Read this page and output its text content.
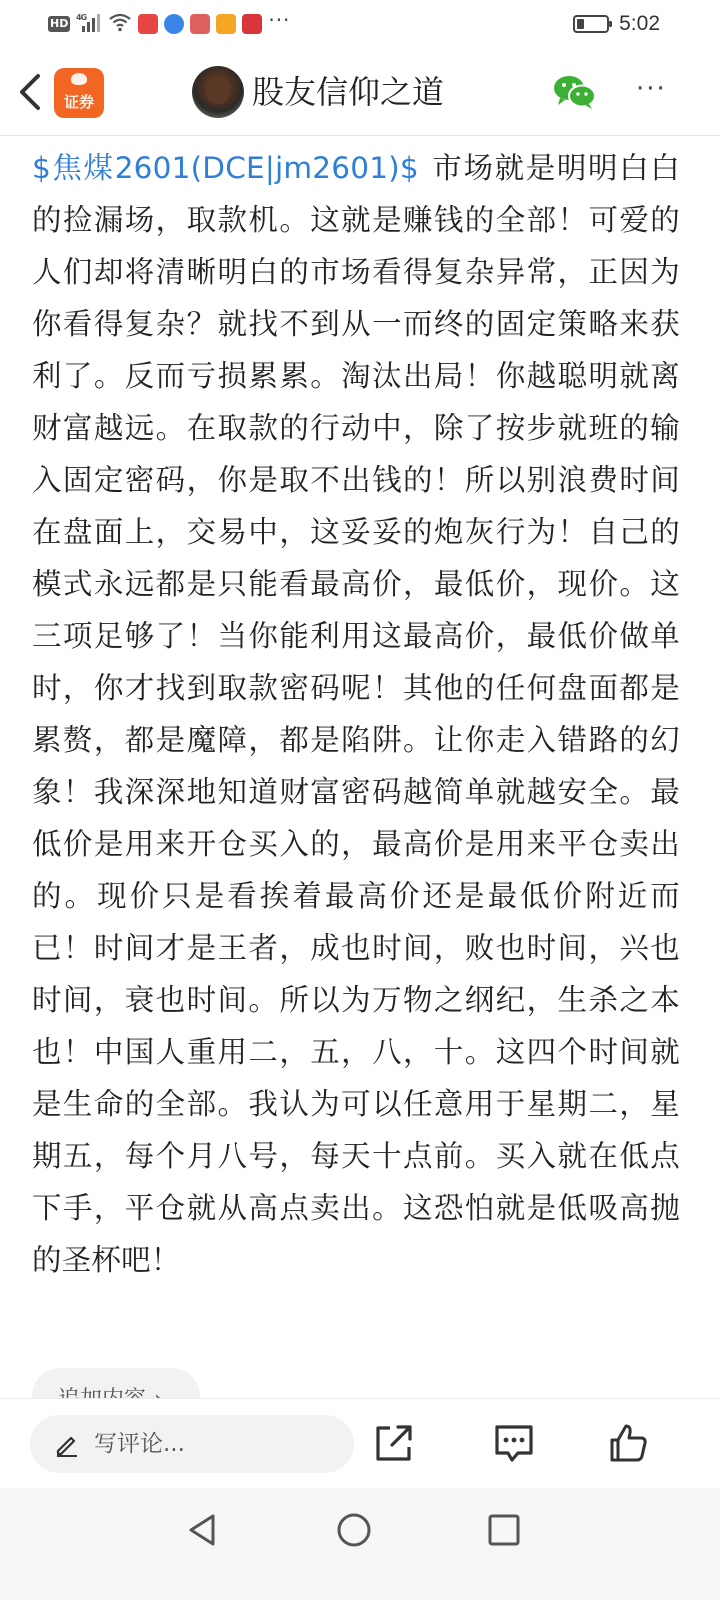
HD 4G	···	5:02
证券	股友信仰之道	···
$焦煤2601(DCE|jm2601)$ 市场就是明明白白的捡漏场，取款机。这就是赚钱的全部！可爱的人们却将清晰明白的市场看得复杂异常，正因为你看得复杂？就找不到从一而终的固定策略来获利了。反而亏损累累。淘汰出局！你越聪明就离财富越远。在取款的行动中，除了按步就班的输入固定密码，你是取不出钱的！所以别浪费时间在盘面上，交易中，这妥妥的炮灰行为！自己的模式永远都是只能看最高价，最低价，现价。这三项足够了！当你能利用这最高价，最低价做单时，你才找到取款密码呢！其他的任何盘面都是累赘，都是魔障，都是陷阱。让你走入错路的幻象！我深深地知道财富密码越简单就越安全。最低价是用来开仓买入的，最高价是用来平仓卖出的。现价只是看挨着最高价还是最低价附近而已！时间才是王者，成也时间，败也时间，兴也时间，衰也时间。所以为万物之纲纪，生杀之本也！中国人重用二，五，八，十。这四个时间就是生命的全部。我认为可以任意用于星期二，星期五，每个月八号，每天十点前。买入就在低点下手，平仓就从高点卖出。这恐怕就是低吸高抛的圣杯吧！
写评论...
